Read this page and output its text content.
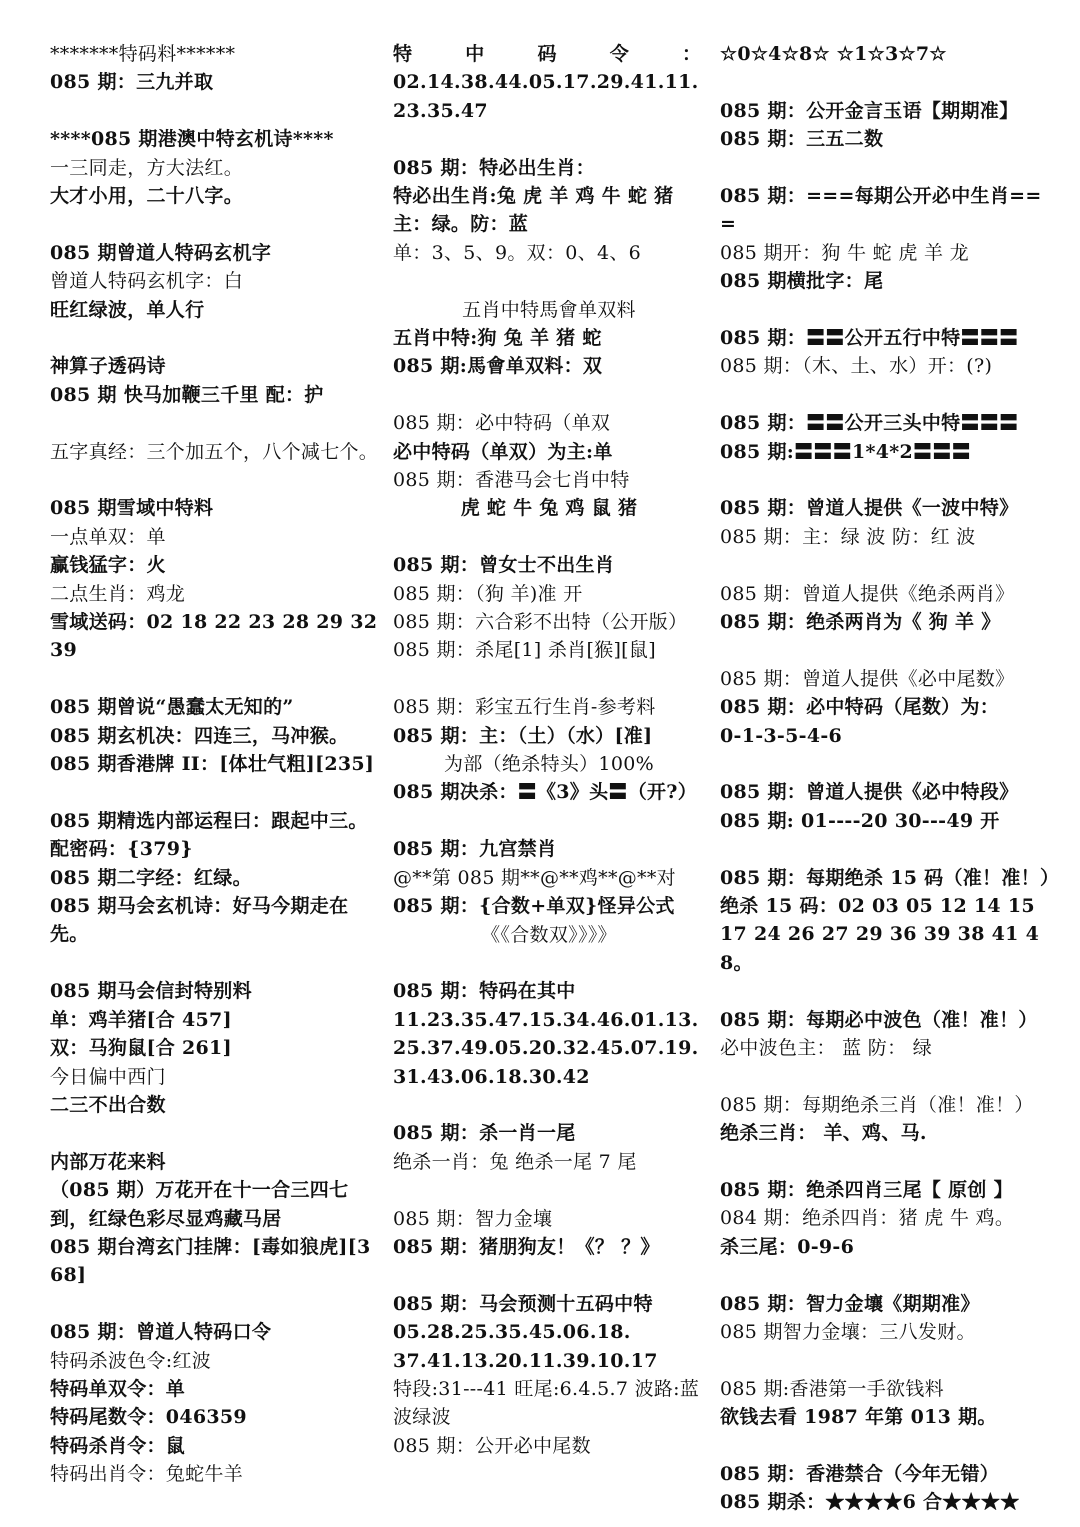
*******特码料******
085 期：三九并取
****085 期港澳中特玄机诗****
一三同走，方大法红。
大才小用，二十八字。
085 期曾道人特码玄机字
曾道人特码玄机字：白
旺红绿波，单人行
神算子透码诗
085 期 快马加鞭三千里 配：护
五字真经：三个加五个，八个减七个。
085 期雪域中特料
一点单双：单
赢钱猛字：火
二点生肖：鸡龙
雪域送码：02 18 22 23 28 29 32 39
085 期曾说“愚蠢太无知的”
085 期玄机决：四连三，马冲猴。
085 期香港牌 II：[体壮气粗][235]
085 期精选内部运程曰：跟起中三。
配密码：{379}
085 期二字经：红绿。
085 期马会玄机诗：好马今期走在先。
085 期马会信封特别料
单：鸡羊猪[合 457]
双：马狗鼠[合 261]
今日偏中西门
二三不出合数
内部万花来料
（085 期）万花开在十一合三四七到，红绿色彩尽显鸡藏马居
085 期台湾玄门挂牌：[毒如狼虎][368]
085 期：曾道人特码口令
特码杀波色令:红波
特码单双令：单
特码尾数令：046359
特码杀肖令：鼠
特码出肖令：兔蛇牛羊
特中码令：
02.14.38.44.05.17.29.41.11.23.35.47
085 期：特必出生肖：
特必出生肖:兔 虎 羊 鸡 牛 蛇 猪
主：绿。防：蓝
单：3、5、9。双：0、4、6
五肖中特馬會单双料
五肖中特:狗 兔 羊 猪 蛇
085 期:馬會单双料：双
085 期：必中特码（单双
必中特码（单双）为主:单
085 期：香港马会七肖中特
虎 蛇 牛 兔 鸡 鼠 猪
085 期：曾女士不出生肖
085 期：（狗 羊)准 开
085 期：六合彩不出特（公开版）
085 期：杀尾[1] 杀肖[猴][鼠]
085 期：彩宝五行生肖-参考料
085 期：主：（土）（水）[准]
为部（绝杀特头）100%
085 期决杀：〓《3》头〓（开?）
085 期：九宫禁肖
@**第 085 期**@**鸡**@**对
085 期：{合数+单双}怪异公式
《《合数双》》》》
085 期：特码在其中
11.23.35.47.15.34.46.01.13.25.37.49.05.20.32.45.07.19.31.43.06.18.30.42
085 期：杀一肖一尾
绝杀一肖：兔 绝杀一尾 7 尾
085 期：智力金壤
085 期：猪朋狗友！《？ ？》
085 期：马会预测十五码中特
05.28.25.35.45.06.18.
37.41.13.20.11.39.10.17
特段:31---41 旺尾:6.4.5.7 波路:蓝波绿波
085 期：公开必中尾数
☆0☆4☆8☆ ☆1☆3☆7☆
085 期：公开金言玉语【期期准】
085 期：三五二数
085 期：===每期公开必中生肖===
085 期开：狗 牛 蛇 虎 羊 龙
085 期横批字：尾
085 期：〓〓公开五行中特〓〓〓
085 期：（木、土、水）开：(?)
085 期：〓〓公开三头中特〓〓〓
085 期:〓〓〓1*4*2〓〓〓
085 期：曾道人提供《一波中特》
085 期：主：绿 波 防：红 波
085 期：曾道人提供《绝杀两肖》
085 期：绝杀两肖为《 狗 羊 》
085 期：曾道人提供《必中尾数》
085 期：必中特码（尾数）为：
0-1-3-5-4-6
085 期：曾道人提供《必中特段》
085 期: 01----20 30---49 开
085 期：每期绝杀 15 码（准！准！）
绝杀 15 码：02 03 05 12 14 15 17 24 26 27 29 36 39 38 41 48。
085 期：每期必中波色（准！准！）
必中波色主： 蓝 防： 绿
085 期：每期绝杀三肖（准！准！）
绝杀三肖： 羊、鸡、马.
085 期：绝杀四肖三尾【 原创 】
084 期：绝杀四肖：猪 虎 牛 鸡。
杀三尾：0-9-6
085 期：智力金壤《期期准》
085 期智力金壤：三八发财。
085 期:香港第一手欲钱料
欲钱去看 1987 年第 013 期。
085 期：香港禁合（今年无错）
085 期杀：★★★★6 合★★★★
